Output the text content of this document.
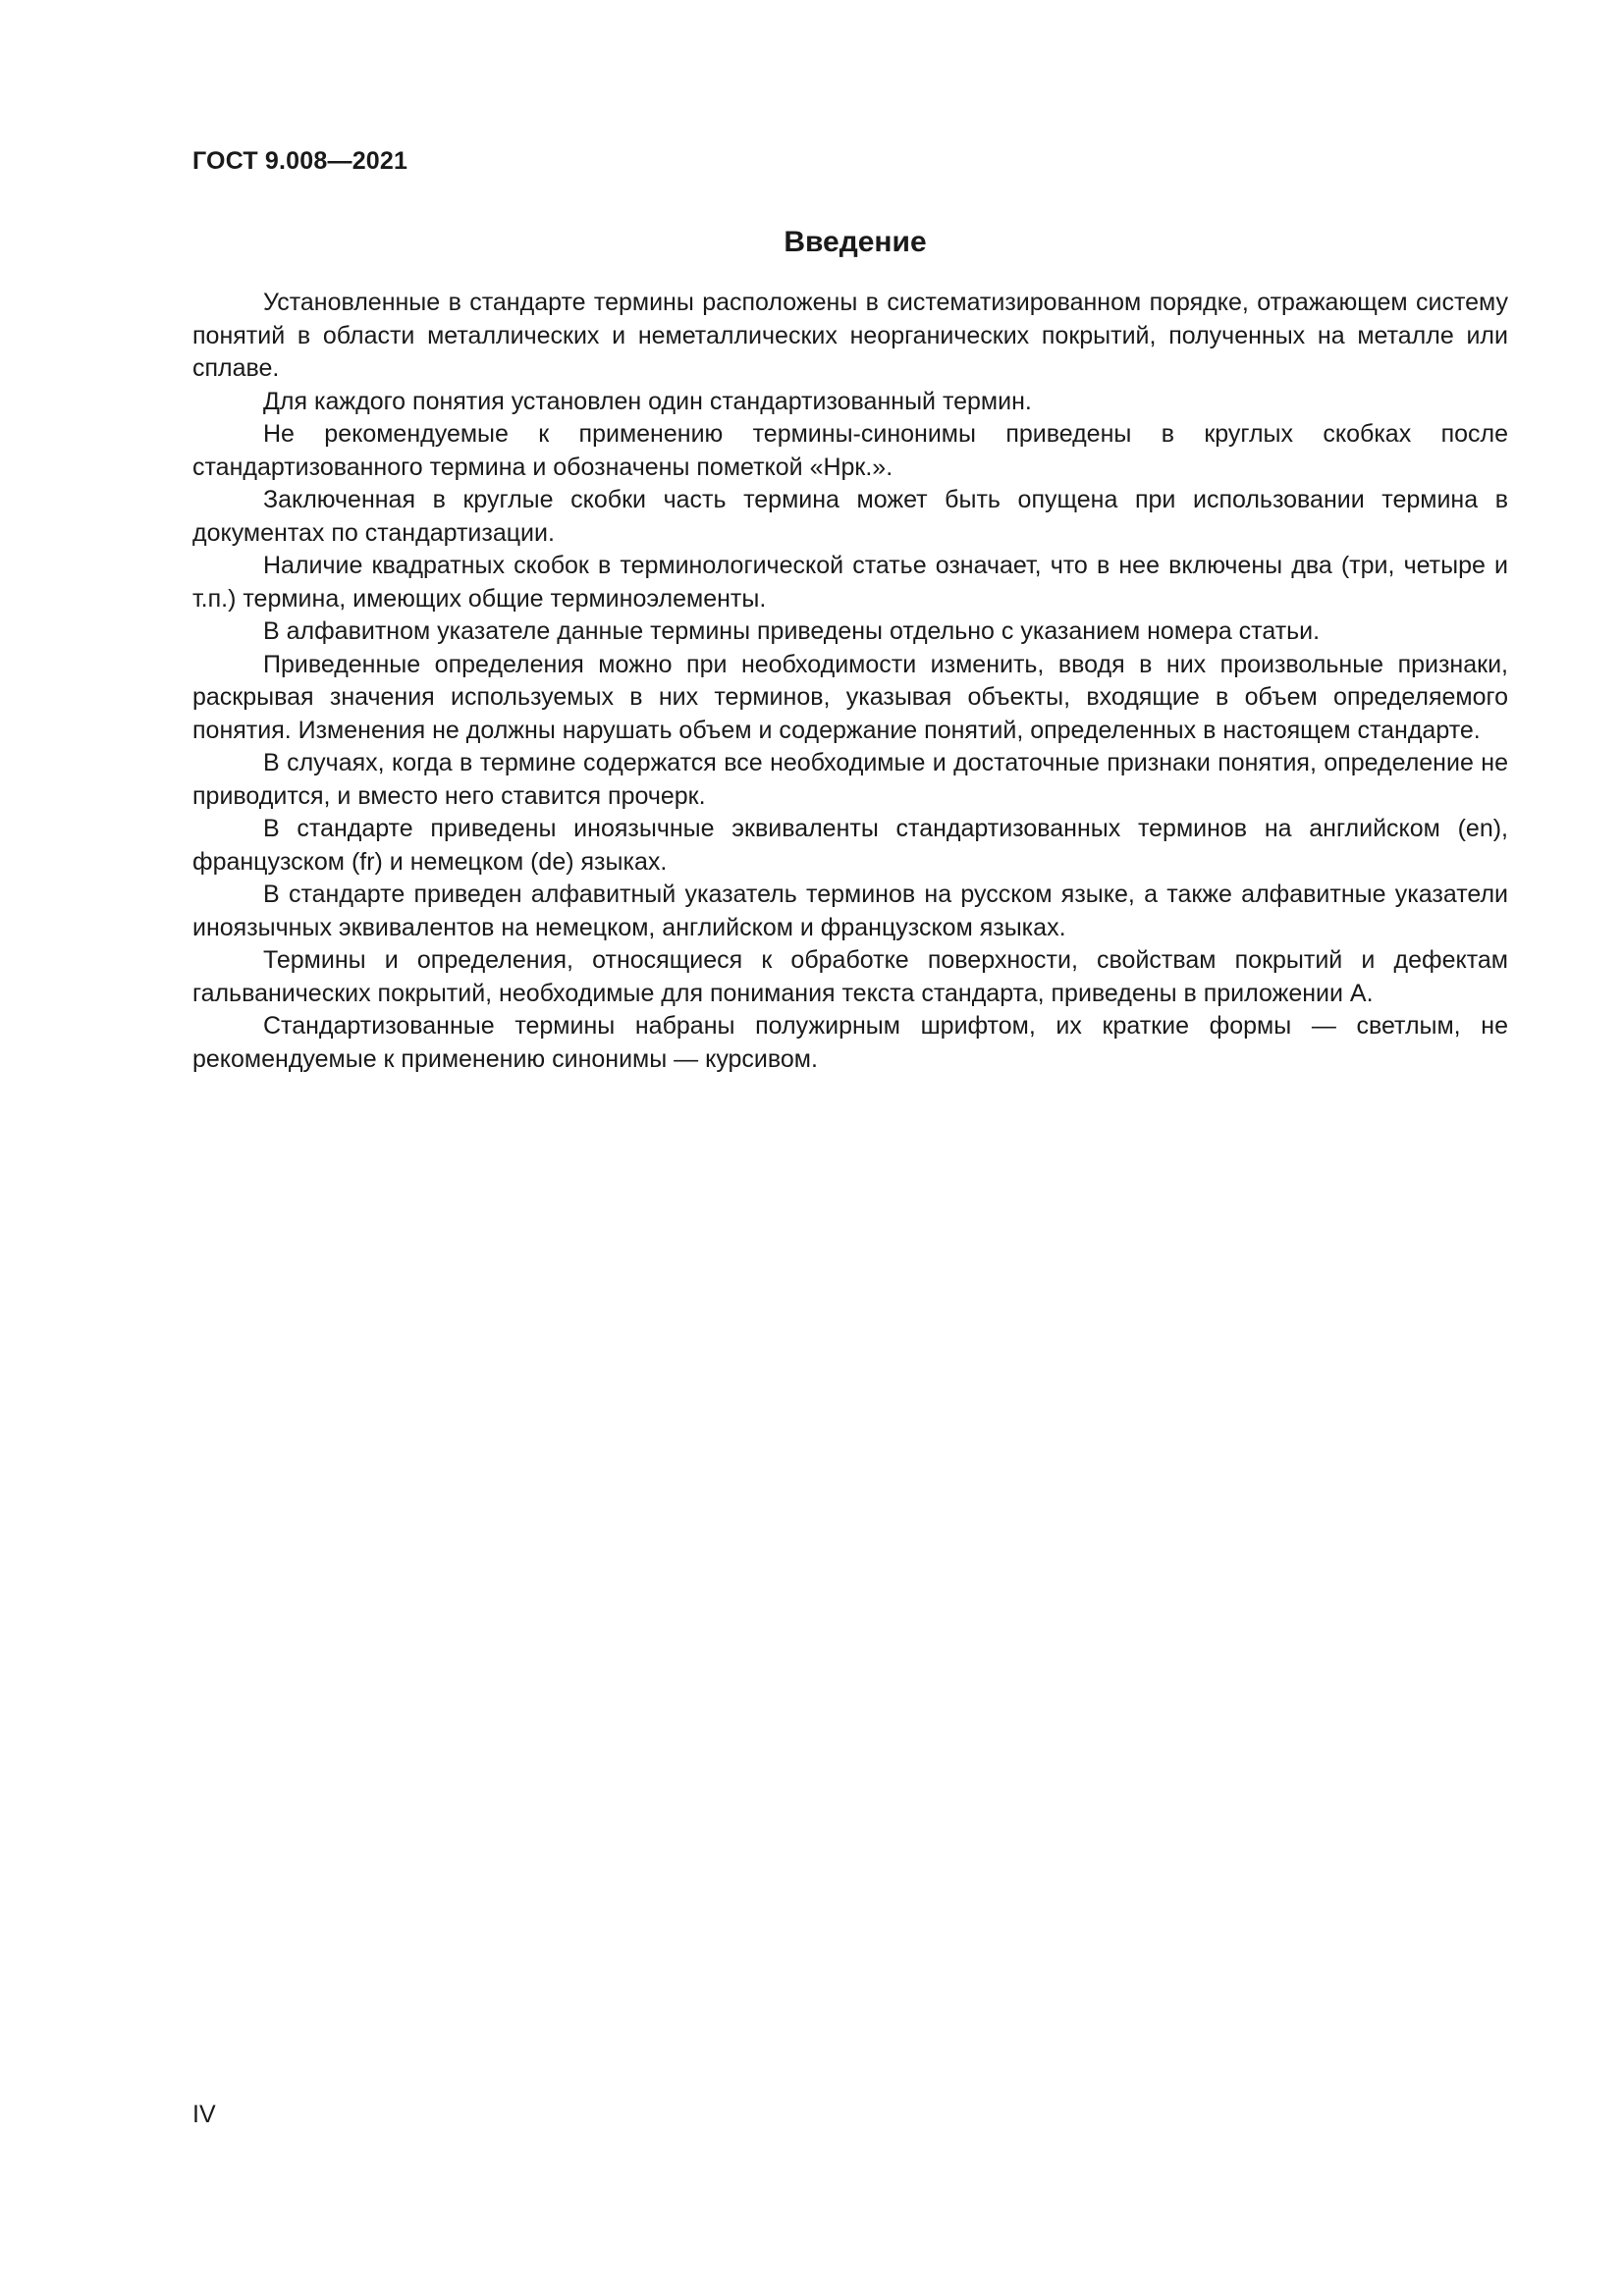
ГОСТ 9.008—2021
Введение

Установленные в стандарте термины расположены в систематизированном порядке, отражающем систему понятий в области металлических и неметаллических неорганических покрытий, полученных на металле или сплаве.

Для каждого понятия установлен один стандартизованный термин.

Не рекомендуемые к применению термины-синонимы приведены в круглых скобках после стандартизованного термина и обозначены пометкой «Нрк.».

Заключенная в круглые скобки часть термина может быть опущена при использовании термина в документах по стандартизации.

Наличие квадратных скобок в терминологической статье означает, что в нее включены два (три, четыре и т.п.) термина, имеющих общие терминоэлементы.

В алфавитном указателе данные термины приведены отдельно с указанием номера статьи.

Приведенные определения можно при необходимости изменить, вводя в них произвольные признаки, раскрывая значения используемых в них терминов, указывая объекты, входящие в объем определяемого понятия. Изменения не должны нарушать объем и содержание понятий, определенных в настоящем стандарте.

В случаях, когда в термине содержатся все необходимые и достаточные признаки понятия, определение не приводится, и вместо него ставится прочерк.

В стандарте приведены иноязычные эквиваленты стандартизованных терминов на английском (en), французском (fr) и немецком (de) языках.

В стандарте приведен алфавитный указатель терминов на русском языке, а также алфавитные указатели иноязычных эквивалентов на немецком, английском и французском языках.

Термины и определения, относящиеся к обработке поверхности, свойствам покрытий и дефектам гальванических покрытий, необходимые для понимания текста стандарта, приведены в приложении А.

Стандартизованные термины набраны полужирным шрифтом, их краткие формы — светлым, не рекомендуемые к применению синонимы — курсивом.

IV
